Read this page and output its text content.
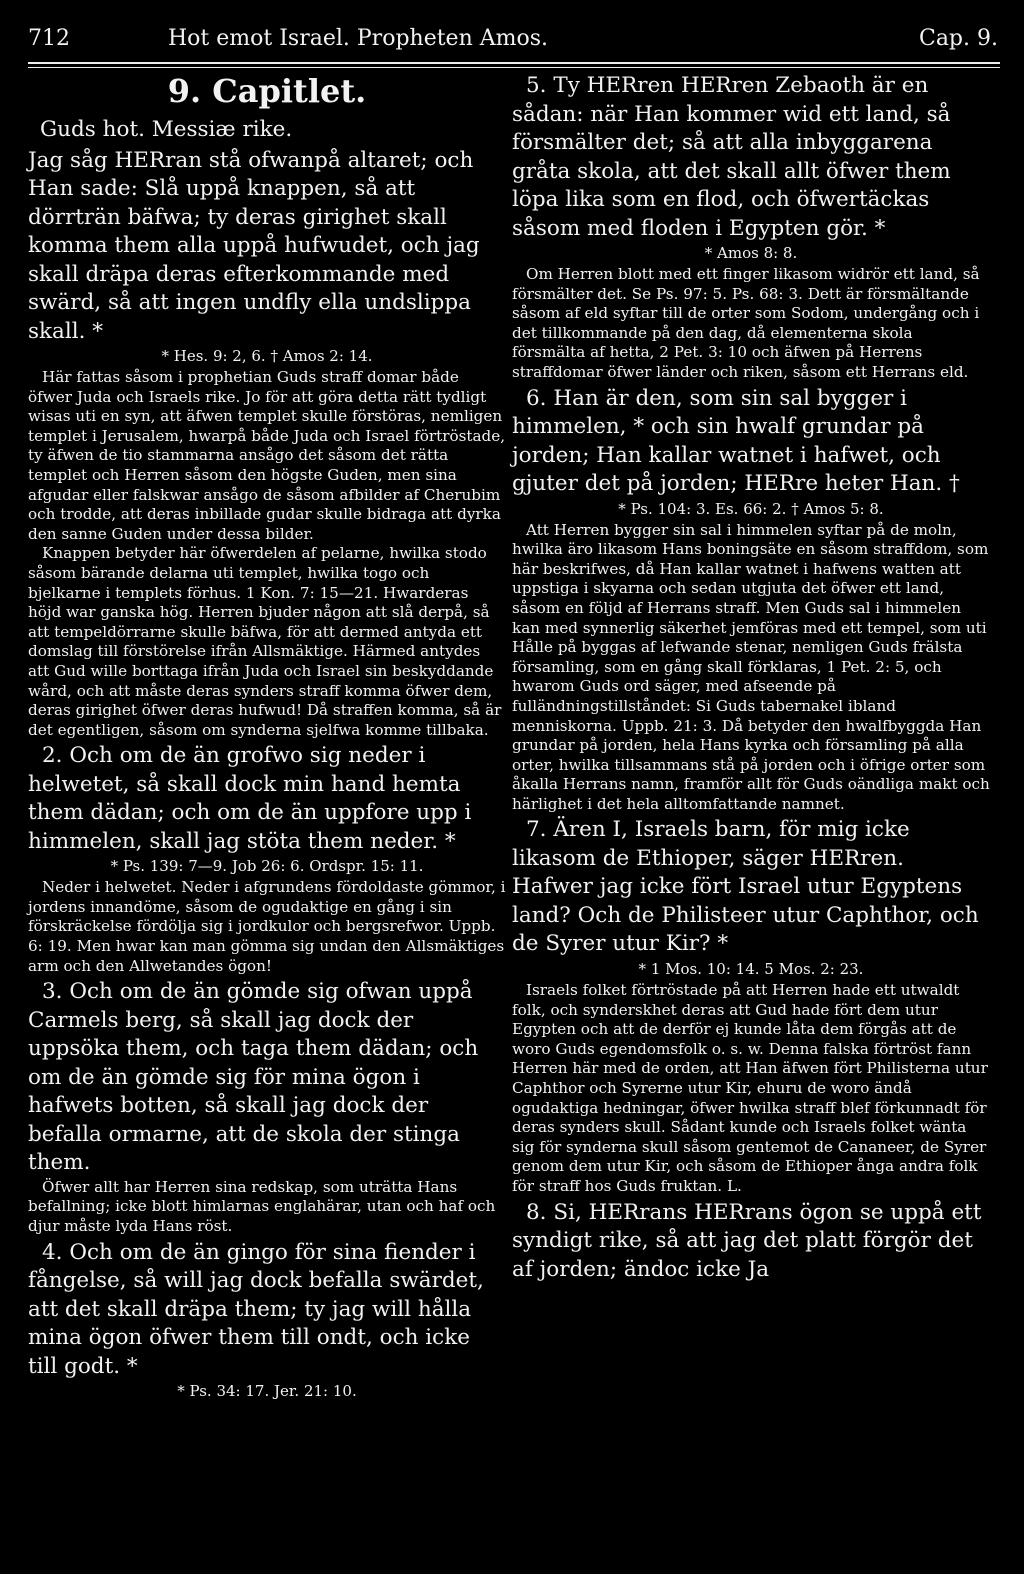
712	Hot emot Israel. Propheten Amos.	Cap. 9.

9. Capitlet.

Guds hot. Messiæ rike.

Jag såg HERran stå ofwanpå altaret; och Han sade: Slå uppå knappen, så att dörrträn bäfwa; ty deras girighet skall komma them alla uppå hufwudet, och jag skall dräpa deras efterkommande med swärd, så att ingen undfly ella undslippa skall. *

* Hes. 9: 2, 6. † Amos 2: 14.

Här fattas såsom i prophetian Guds straff domar både öfwer Juda och Israels rike. Jo för att göra detta rätt tydligt wisas uti en syn, att äfwen templet skulle förstöras, nemligen templet i Jerusalem, hwarpå både Juda och Israel förtröstade, ty äfwen de tio stammarna ansågo det såsom det rätta templet och Herren såsom den högste Guden, men sina afgudar eller falskwar ansågo de såsom afbilder af Cherubim och trodde, att deras inbillade gudar skulle bidraga att dyrka den sanne Guden under dessa bilder.

Knappen betyder här öfwerdelen af pelarne, hwilka stodo såsom bärande delarna uti templet, hwilka togo och bjelkarne i templets förhus. 1 Kon. 7: 15—21. Hwarderas höjd war ganska hög. Herren bjuder någon att slå derpå, så att tempeldörrarne skulle bäfwa, för att dermed antyda ett domslag till förstörelse ifrån Allsmäktige. Härmed antydes att Gud wille borttaga ifrån Juda och Israel sin beskyddande wård, och att måste deras synders straff komma öfwer dem, deras girighet öfwer deras hufwud! Då straffen komma, så är det egentligen, såsom om synderna sjelfwa komme tillbaka.

2. Och om de än grofwo sig neder i helwetet, så skall dock min hand hemta them dädan; och om de än uppfore upp i himmelen, skall jag stöta them neder. *

* Ps. 139: 7—9. Job 26: 6. Ordspr. 15: 11.

Neder i helwetet. Neder i afgrundens fördoldaste gömmor, i jordens innandöme, såsom de ogudaktige en gång i sin förskräckelse fördölja sig i jordkulor och bergsrefwor. Uppb. 6: 19. Men hwar kan man gömma sig undan den Allsmäktiges arm och den Allwetandes ögon!

3. Och om de än gömde sig ofwan uppå Carmels berg, så skall jag dock der uppsöka them, och taga them dädan; och om de än gömde sig för mina ögon i hafwets botten, så skall jag dock der befalla ormarne, att de skola der stinga them.

Öfwer allt har Herren sina redskap, som uträtta Hans befallning; icke blott himlarnas englahärar, utan och haf och djur måste lyda Hans röst.

4. Och om de än gingo för sina fiender i fångelse, så will jag dock befalla swärdet, att det skall dräpa them; ty jag will hålla mina ögon öfwer them till ondt, och icke till godt. *

* Ps. 34: 17. Jer. 21: 10.

5. Ty HERren HERren Zebaoth är en sådan: när Han kommer wid ett land, så försmälter det; så att alla inbyggarena gråta skola, att det skall allt öfwer them löpa lika som en flod, och öfwertäckas såsom med floden i Egypten gör. *

* Amos 8: 8.

Om Herren blott med ett finger likasom widrör ett land, så försmälter det. Se Ps. 97: 5. Ps. 68: 3. Dett är försmältande såsom af eld syftar till de orter som Sodom, undergång och i det tillkommande på den dag, då elementerna skola försmälta af hetta, 2 Pet. 3: 10 och äfwen på Herrens straffdomar öfwer länder och riken, såsom ett Herrans eld.

6. Han är den, som sin sal bygger i himmelen, * och sin hwalf grundar på jorden; Han kallar watnet i hafwet, och gjuter det på jorden; HERre heter Han. †

* Ps. 104: 3. Es. 66: 2. † Amos 5: 8.

Att Herren bygger sin sal i himmelen syftar på de moln, hwilka äro likasom Hans boningsäte en såsom straffdom, som här beskrifwes, då Han kallar watnet i hafwens watten att uppstiga i skyarna och sedan utgjuta det öfwer ett land, såsom en följd af Herrans straff. Men Guds sal i himmelen kan med synnerlig säkerhet jemföras med ett tempel, som uti Hålle på byggas af lefwande stenar, nemligen Guds frälsta församling, som en gång skall förklaras, 1 Pet. 2: 5, och hwarom Guds ord säger, med afseende på fulländningstillståndet: Si Guds tabernakel ibland menniskorna. Uppb. 21: 3. Då betyder den hwalfbyggda Han grundar på jorden, hela Hans kyrka och församling på alla orter, hwilka tillsammans stå på jorden och i öfrige orter som åkalla Herrans namn, framför allt för Guds oändliga makt och härlighet i det hela alltomfattande namnet.

7. Ären I, Israels barn, för mig icke likasom de Ethioper, säger HERren. Hafwer jag icke fört Israel utur Egyptens land? Och de Philisteer utur Caphthor, och de Syrer utur Kir? *

* 1 Mos. 10: 14. 5 Mos. 2: 23.

Israels folket förtröstade på att Herren hade ett utwaldt folk, och synderskhet deras att Gud hade fört dem utur Egypten och att de derför ej kunde låta dem förgås att de woro Guds egendomsfolk o. s. w. Denna falska förtröst fann Herren här med de orden, att Han äfwen fört Philisterna utur Caphthor och Syrerne utur Kir, ehuru de woro ändå ogudaktiga hedningar, öfwer hwilka straff blef förkunnadt för deras synders skull. Sådant kunde och Israels folket wänta sig för synderna skull såsom gentemot de Cananeer, de Syrer genom dem utur Kir, och såsom de Ethioper ånga andra folk för straff hos Guds fruktan. L.

8. Si, HERrans HERrans ögon se uppå ett syndigt rike, så att jag det platt förgör det af jorden; ändoc icke Ja
